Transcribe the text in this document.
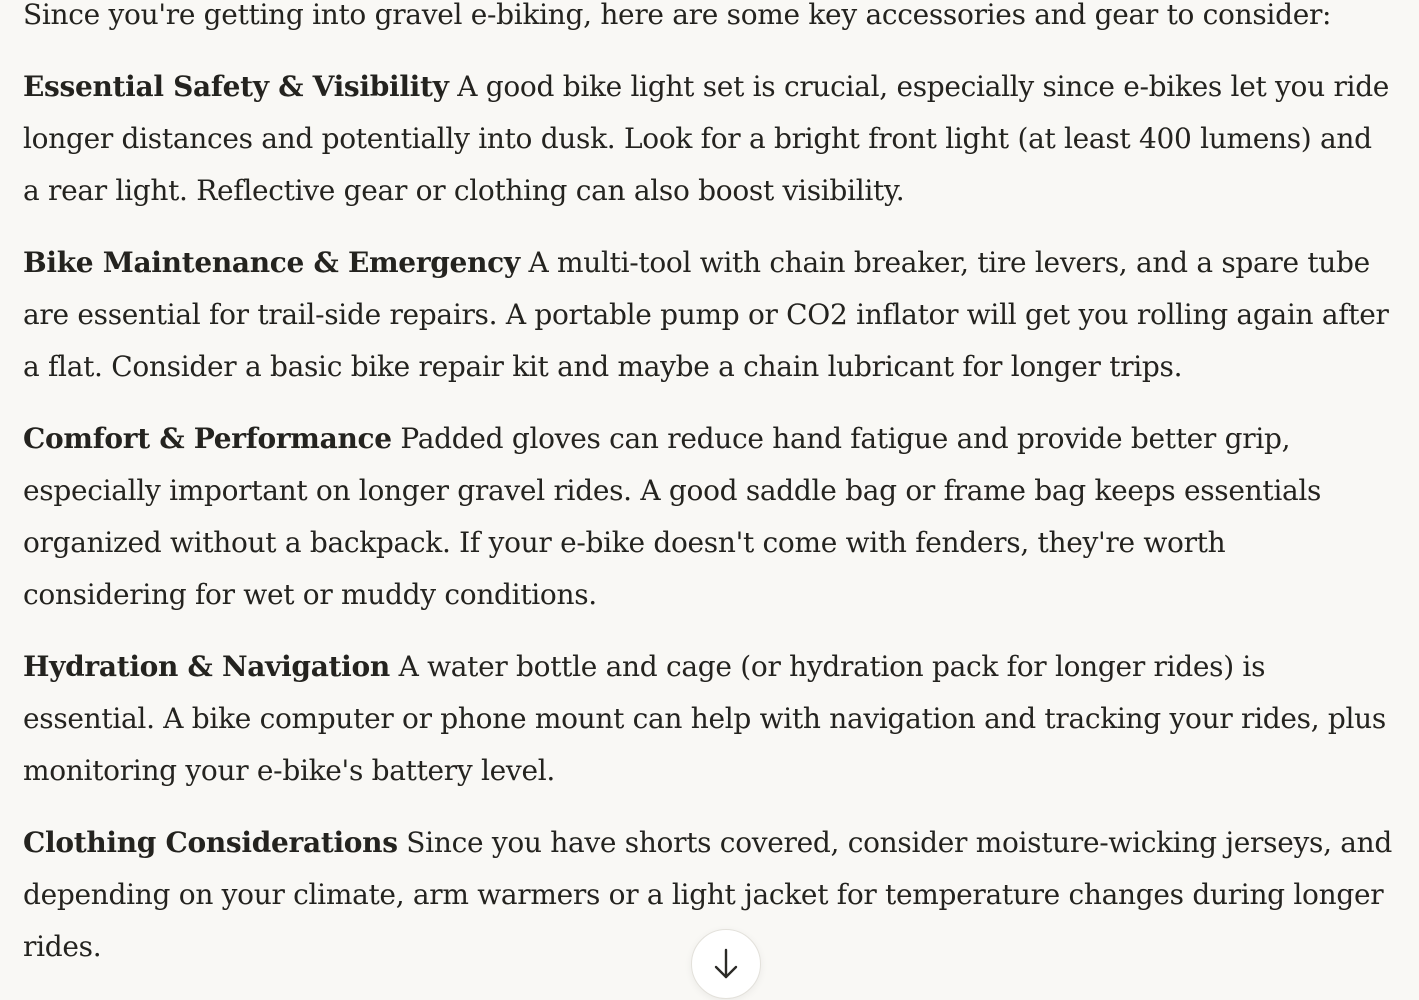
Since you're getting into gravel e-biking, here are some key accessories and gear to consider:

Essential Safety & Visibility A good bike light set is crucial, especially since e-bikes let you ride longer distances and potentially into dusk. Look for a bright front light (at least 400 lumens) and a rear light. Reflective gear or clothing can also boost visibility.

Bike Maintenance & Emergency A multi-tool with chain breaker, tire levers, and a spare tube are essential for trail-side repairs. A portable pump or CO2 inflator will get you rolling again after a flat. Consider a basic bike repair kit and maybe a chain lubricant for longer trips.

Comfort & Performance Padded gloves can reduce hand fatigue and provide better grip, especially important on longer gravel rides. A good saddle bag or frame bag keeps essentials organized without a backpack. If your e-bike doesn't come with fenders, they're worth considering for wet or muddy conditions.

Hydration & Navigation A water bottle and cage (or hydration pack for longer rides) is essential. A bike computer or phone mount can help with navigation and tracking your rides, plus monitoring your e-bike's battery level.

Clothing Considerations Since you have shorts covered, consider moisture-wicking jerseys, and depending on your climate, arm warmers or a light jacket for temperature changes during longer rides.
